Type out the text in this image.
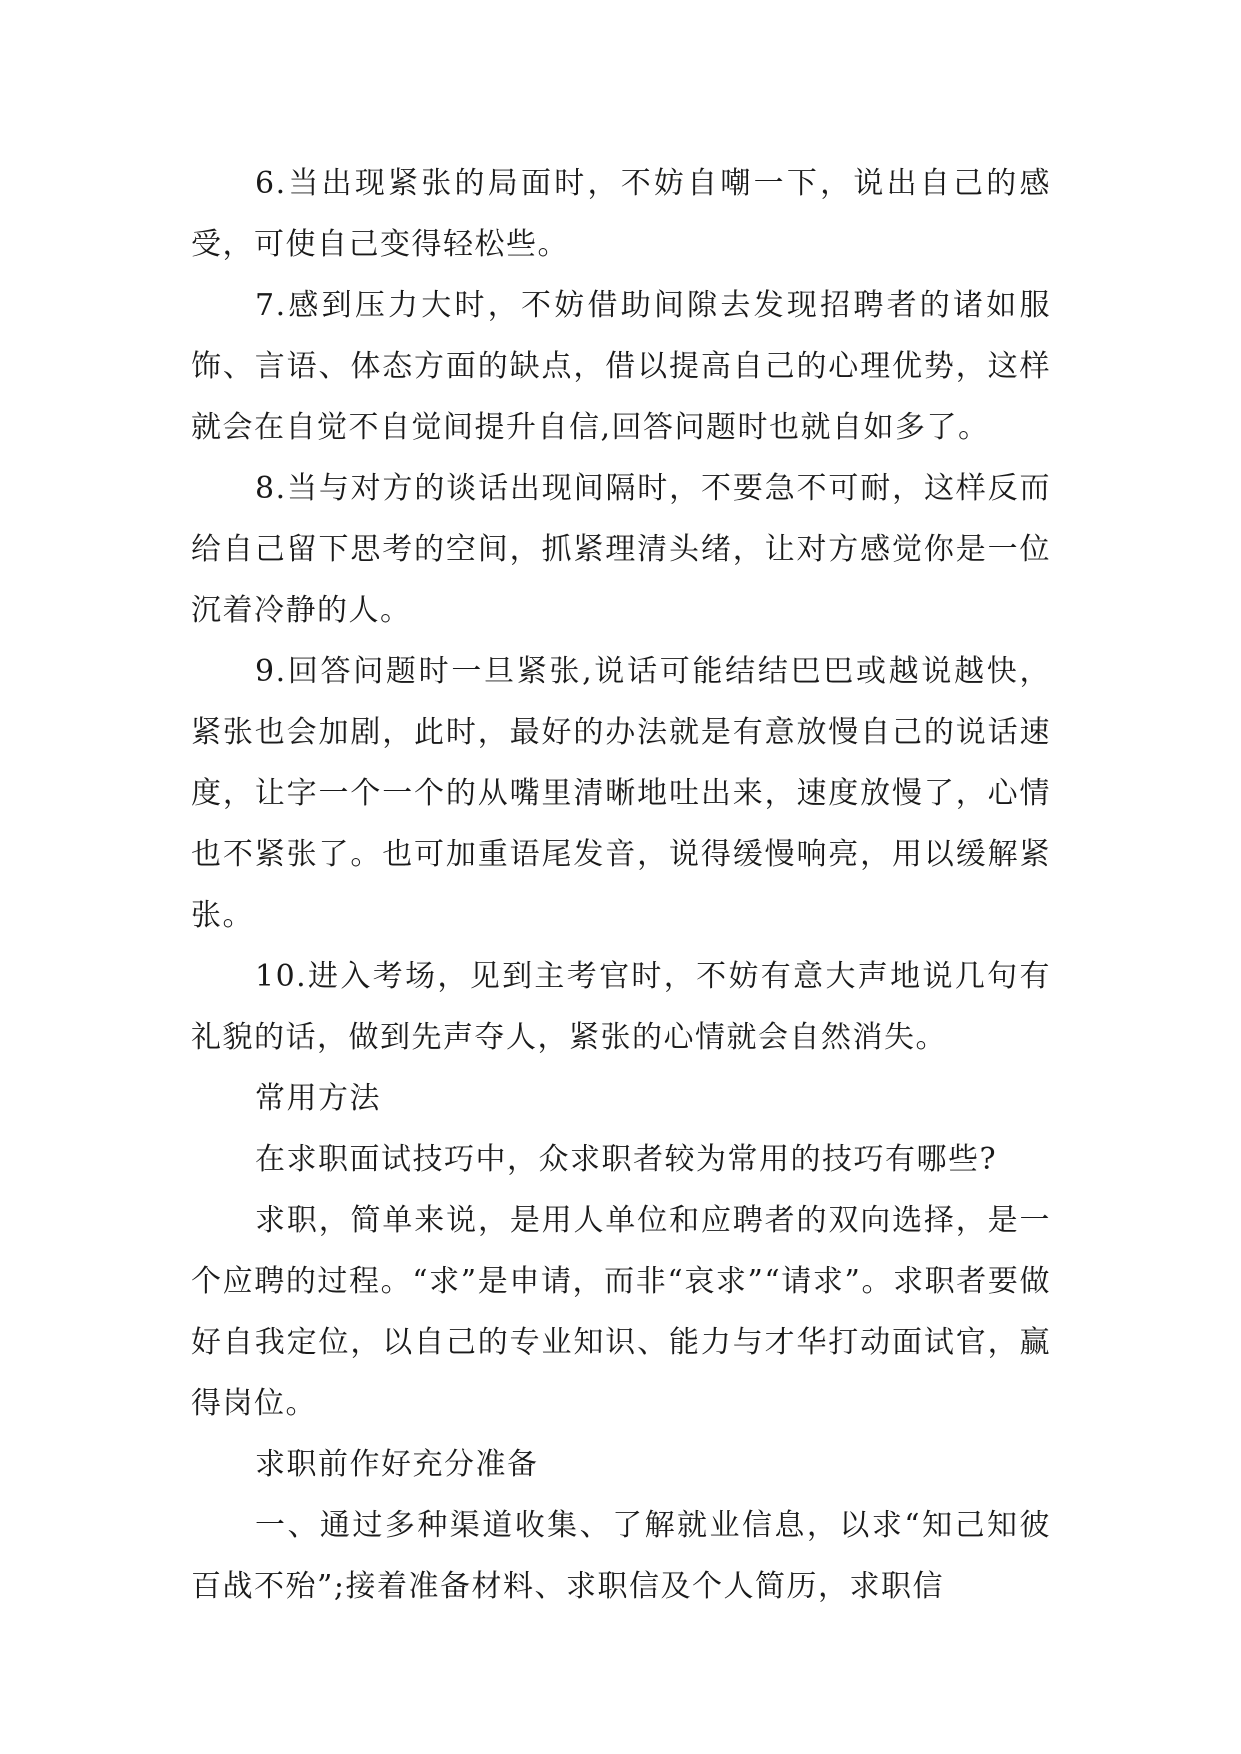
6.当出现紧张的局面时，不妨自嘲一下，说出自己的感受，可使自己变得轻松些。

7.感到压力大时，不妨借助间隙去发现招聘者的诸如服饰、言语、体态方面的缺点，借以提高自己的心理优势，这样就会在自觉不自觉间提升自信,回答问题时也就自如多了。

8.当与对方的谈话出现间隔时，不要急不可耐，这样反而给自己留下思考的空间，抓紧理清头绪，让对方感觉你是一位沉着冷静的人。

9.回答问题时一旦紧张,说话可能结结巴巴或越说越快，紧张也会加剧，此时，最好的办法就是有意放慢自己的说话速度，让字一个一个的从嘴里清晰地吐出来，速度放慢了，心情也不紧张了。也可加重语尾发音，说得缓慢响亮，用以缓解紧张。

10.进入考场，见到主考官时，不妨有意大声地说几句有礼貌的话，做到先声夺人，紧张的心情就会自然消失。

常用方法

在求职面试技巧中，众求职者较为常用的技巧有哪些?

求职，简单来说，是用人单位和应聘者的双向选择，是一个应聘的过程。“求”是申请，而非“哀求”“请求”。求职者要做好自我定位，以自己的专业知识、能力与才华打动面试官，赢得岗位。

求职前作好充分准备

一、通过多种渠道收集、了解就业信息，以求“知己知彼百战不殆”;接着准备材料、求职信及个人简历，求职信
